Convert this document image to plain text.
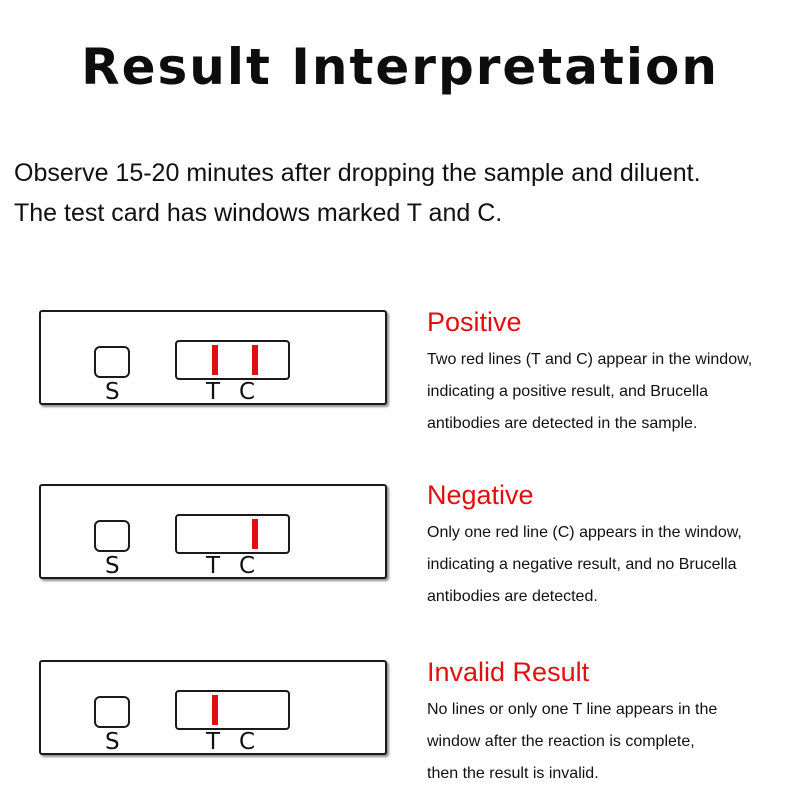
Result Interpretation

Observe 15-20 minutes after dropping the sample and diluent.

The test card has windows marked T and C.

S	T C
Positive
Two red lines (T and C) appear in the window,
indicating a positive result, and Brucella
antibodies are detected in the sample.
S	T C
Negative
Only one red line (C) appears in the window,
indicating a negative result, and no Brucella
antibodies are detected.
S	T C
Invalid Result
No lines or only one T line appears in the
window after the reaction is complete,
then the result is invalid.
